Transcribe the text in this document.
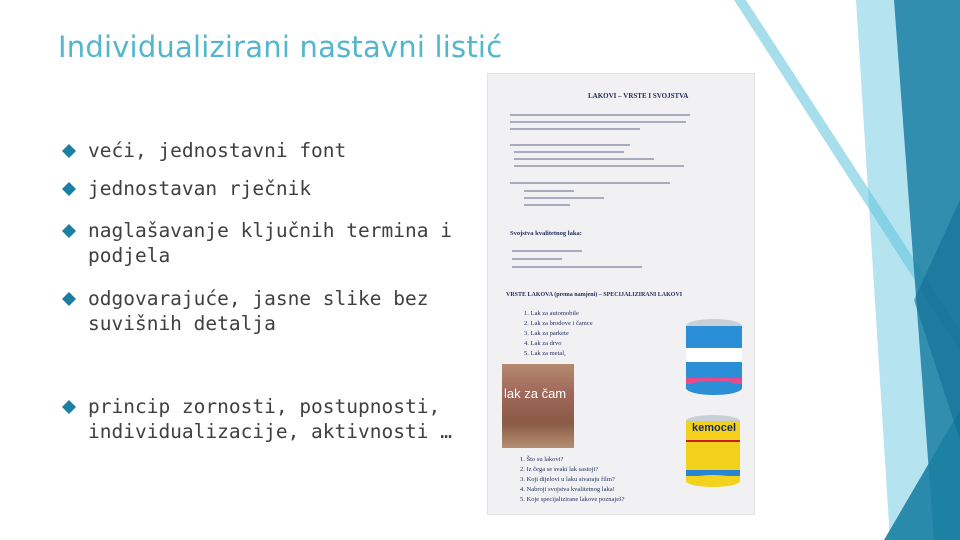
Individualizirani nastavni listić
veći, jednostavni font
jednostavan rječnik
naglašavanje ključnih termina i
podjela
odgovarajuće, jasne slike bez
suvišnih detalja
princip zornosti, postupnosti,
individualizacije, aktivnosti …
LAKOVI – VRSTE I SVOJSTVA
Svojstva kvalitetnog laka:
VRSTE LAKOVA (prema namjeni) – SPECIJALIZIRANI LAKOVI
1. Lak za automobile
2. Lak za brodove i čamce
3. Lak za parkete
4. Lak za drvo
5. Lak za metal,
1. Što su lakovi?
2. Iz čega se svaki lak sastoji?
3. Koji dijelovi u laku stvaraju film?
4. Nabroji svojstva kvalitetnog laka!
5. Koje specijalizirane lakove poznaješ?
kemocel
lak za čam
